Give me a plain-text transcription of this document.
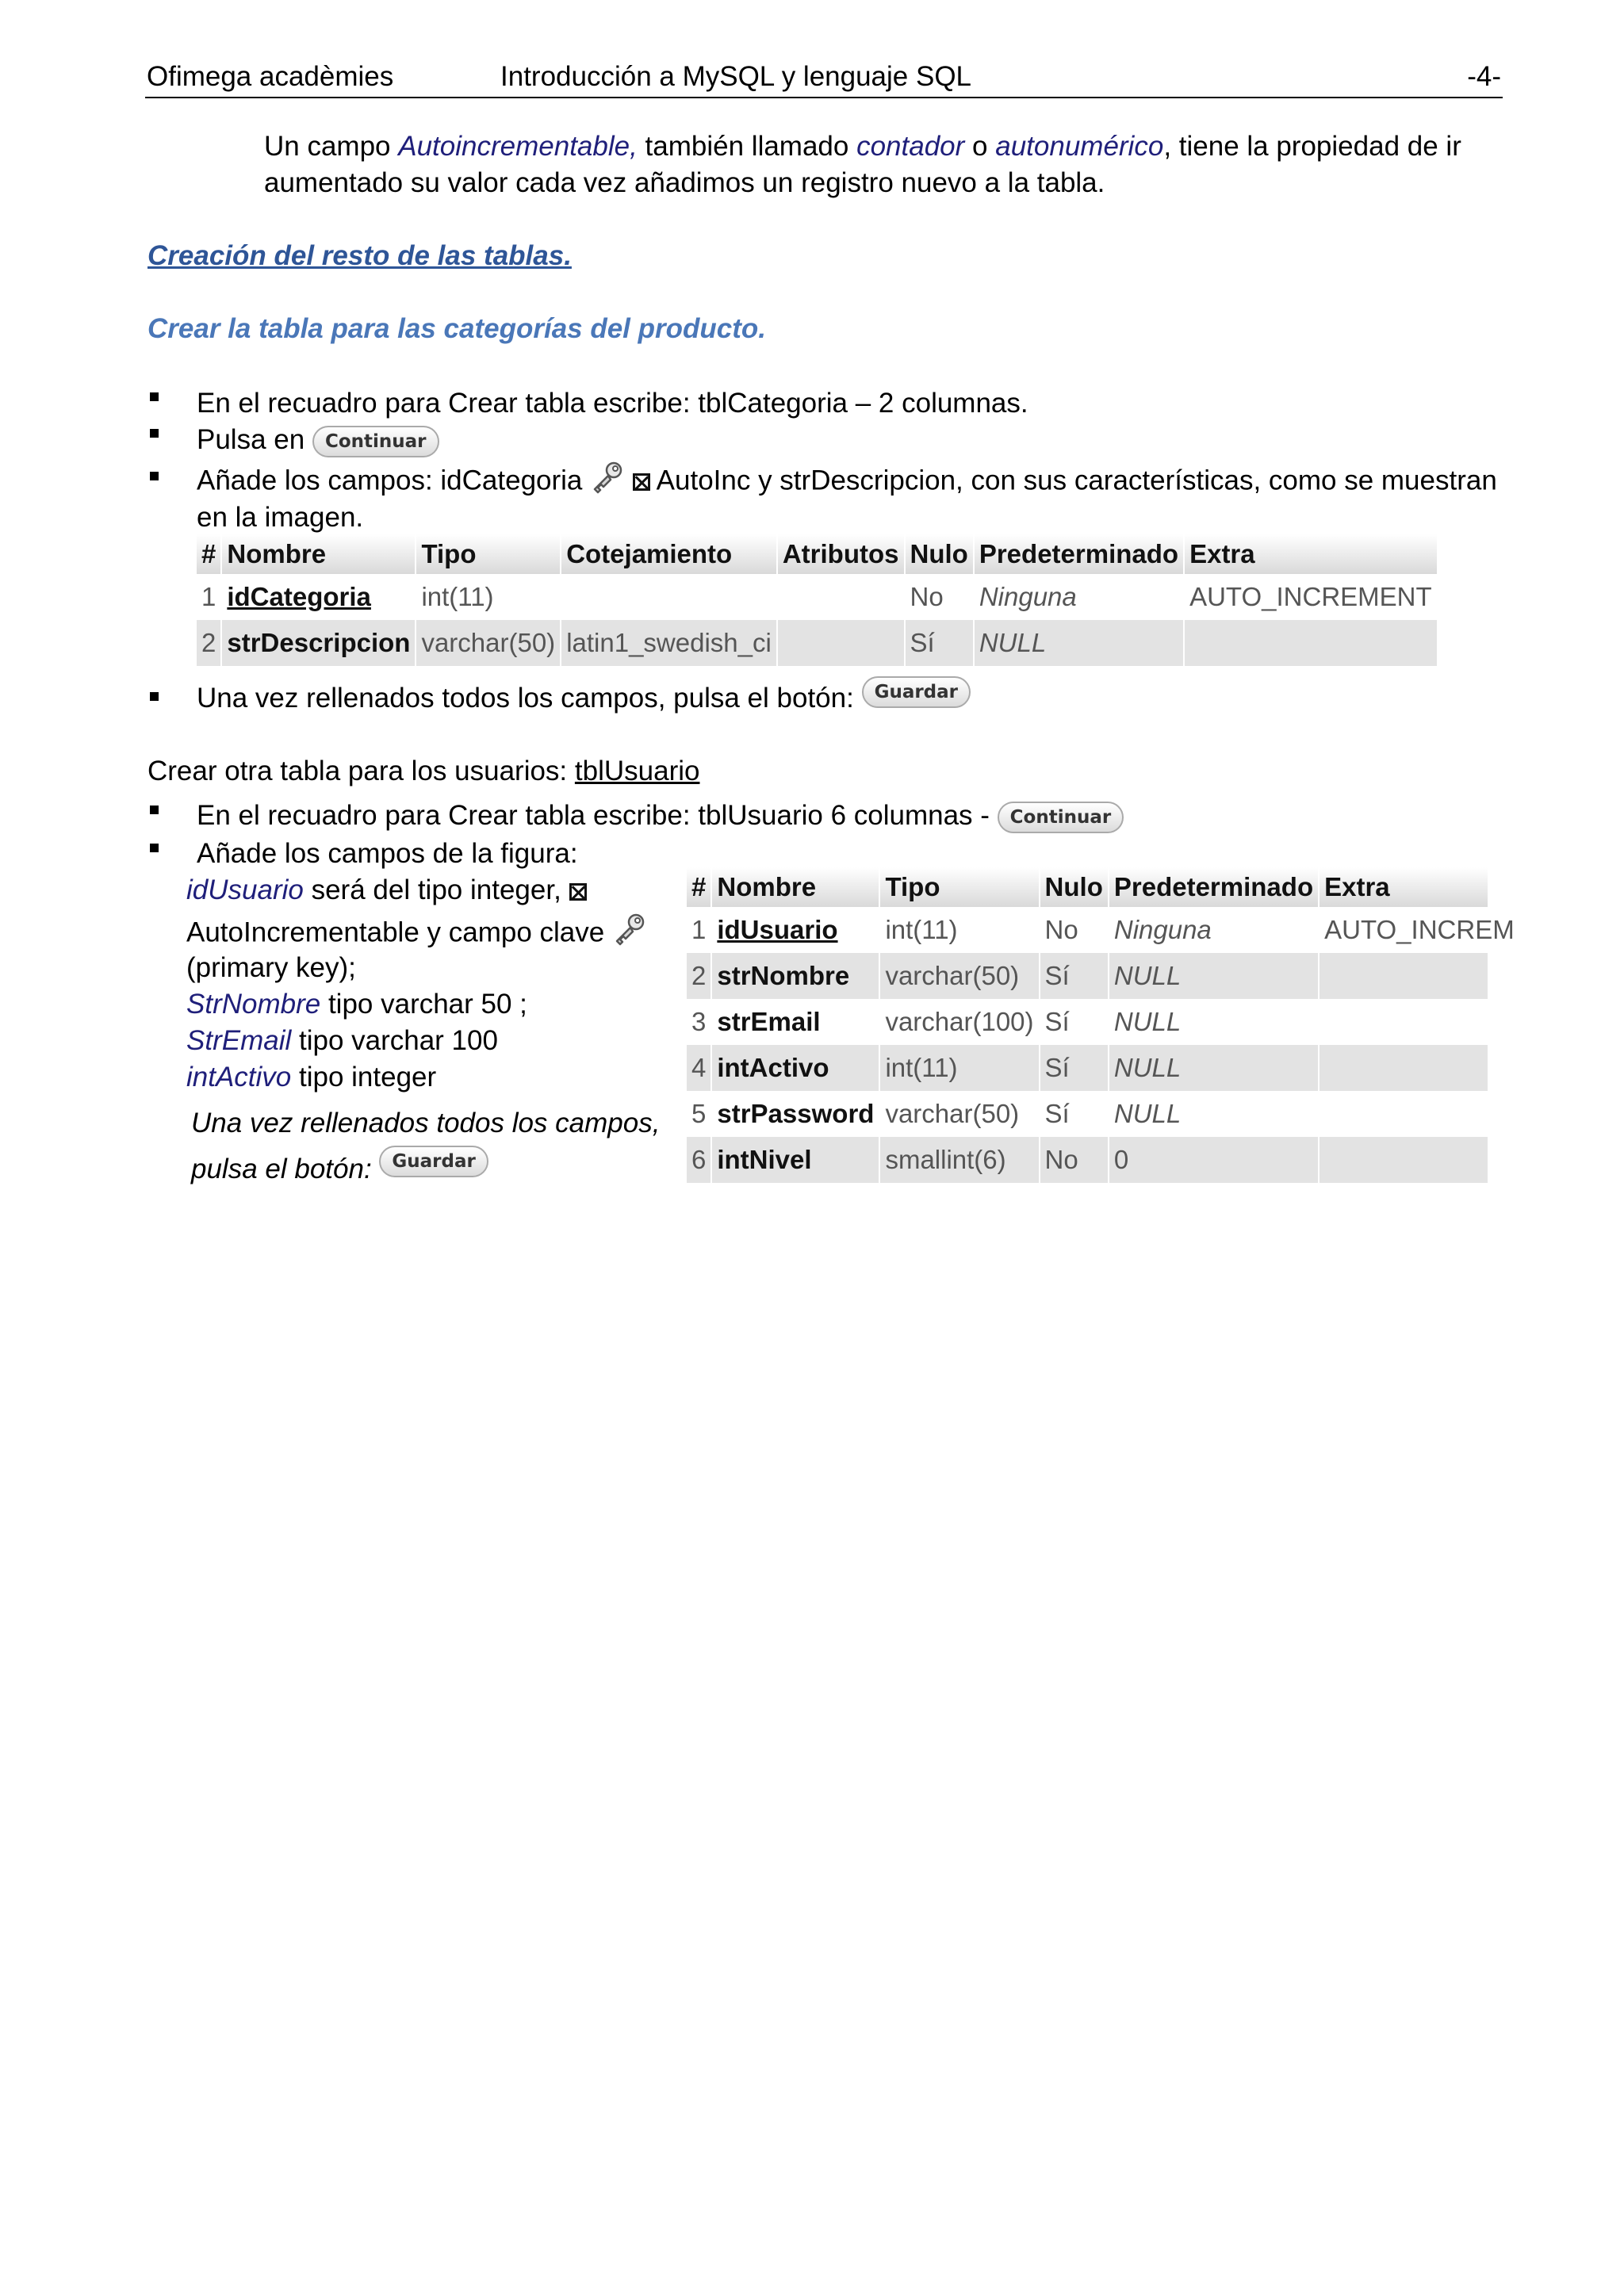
Ofimega acadèmies	Introducción a MySQL y lenguaje SQL	-4-
Un campo Autoincrementable, también llamado contador o autonumérico, tiene la propiedad de ir
aumentado su valor cada vez añadimos un registro nuevo a la tabla.
Creación del resto de las tablas.
Crear la tabla para las categorías del producto.
En el recuadro para Crear tabla escribe: tblCategoria – 2 columnas.
Pulsa en Continuar
Añade los campos: idCategoria	AutoInc y strDescripcion, con sus características, como se muestran
en la imagen.
#	Nombre	Tipo	Cotejamiento	Atributos	Nulo	Predeterminado	Extra
1	idCategoria	int(11)			No	Ninguna	AUTO_INCREMENT
2	strDescripcion	varchar(50)	latin1_swedish_ci		Sí	NULL	
Una vez rellenados todos los campos, pulsa el botón: Guardar
Crear otra tabla para los usuarios: tblUsuario
En el recuadro para Crear tabla escribe: tblUsuario 6 columnas - Continuar
Añade los campos de la figura:
idUsuario será del tipo integer,
AutoIncrementable y campo clave
(primary key);
StrNombre tipo varchar 50 ;
StrEmail tipo varchar 100
intActivo tipo integer
Una vez rellenados todos los campos,
pulsa el botón: Guardar
#	Nombre	Tipo	Nulo	Predeterminado	Extra
1	idUsuario	int(11)	No	Ninguna	AUTO_INCREM
2	strNombre	varchar(50)	Sí	NULL	
3	strEmail	varchar(100)	Sí	NULL	
4	intActivo	int(11)	Sí	NULL	
5	strPassword	varchar(50)	Sí	NULL	
6	intNivel	smallint(6)	No	0	
